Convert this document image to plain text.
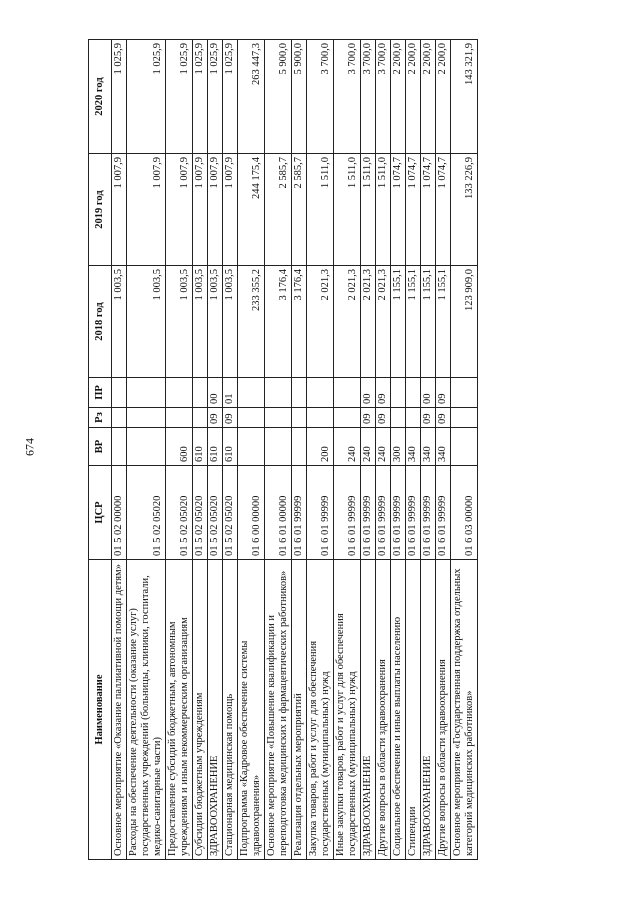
674
Наименование	ЦСР	ВР	Рз	ПР	2018 год	2019 год	2020 год
Основное мероприятие «Оказание паллиативной помощи детям»	01 5 02 00000				1 003,5	1 007,9	1 025,9
Расходы на обеспечение деятельности (оказание услуг) государственных учреждений (больницы, клиники, госпитали, медико-санитарные части)	01 5 02 05020				1 003,5	1 007,9	1 025,9
Предоставление субсидий бюджетным, автономным учреждениям и иным некоммерческим организациям	01 5 02 05020	600			1 003,5	1 007,9	1 025,9
Субсидии бюджетным учреждениям	01 5 02 05020	610			1 003,5	1 007,9	1 025,9
ЗДРАВООХРАНЕНИЕ	01 5 02 05020	610	09	00	1 003,5	1 007,9	1 025,9
Стационарная медицинская помощь	01 5 02 05020	610	09	01	1 003,5	1 007,9	1 025,9
Подпрограмма «Кадровое обеспечение системы здравоохранения»	01 6 00 00000				233 355,2	244 175,4	263 447,3
Основное мероприятие «Повышение квалификации и переподготовка медицинских и фармацевтических работников»	01 6 01 00000				3 176,4	2 585,7	5 900,0
Реализация отдельных мероприятий	01 6 01 99999				3 176,4	2 585,7	5 900,0
Закупка товаров, работ и услуг для обеспечения государственных (муниципальных) нужд	01 6 01 99999	200			2 021,3	1 511,0	3 700,0
Иные закупки товаров, работ и услуг для обеспечения государственных (муниципальных) нужд	01 6 01 99999	240			2 021,3	1 511,0	3 700,0
ЗДРАВООХРАНЕНИЕ	01 6 01 99999	240	09	00	2 021,3	1 511,0	3 700,0
Другие вопросы в области здравоохранения	01 6 01 99999	240	09	09	2 021,3	1 511,0	3 700,0
Социальное обеспечение и иные выплаты населению	01 6 01 99999	300			1 155,1	1 074,7	2 200,0
Стипендии	01 6 01 99999	340			1 155,1	1 074,7	2 200,0
ЗДРАВООХРАНЕНИЕ	01 6 01 99999	340	09	00	1 155,1	1 074,7	2 200,0
Другие вопросы в области здравоохранения	01 6 01 99999	340	09	09	1 155,1	1 074,7	2 200,0
Основное мероприятие «Государственная поддержка отдельных категорий медицинских работников»	01 6 03 00000				123 909,0	133 226,9	143 321,9
